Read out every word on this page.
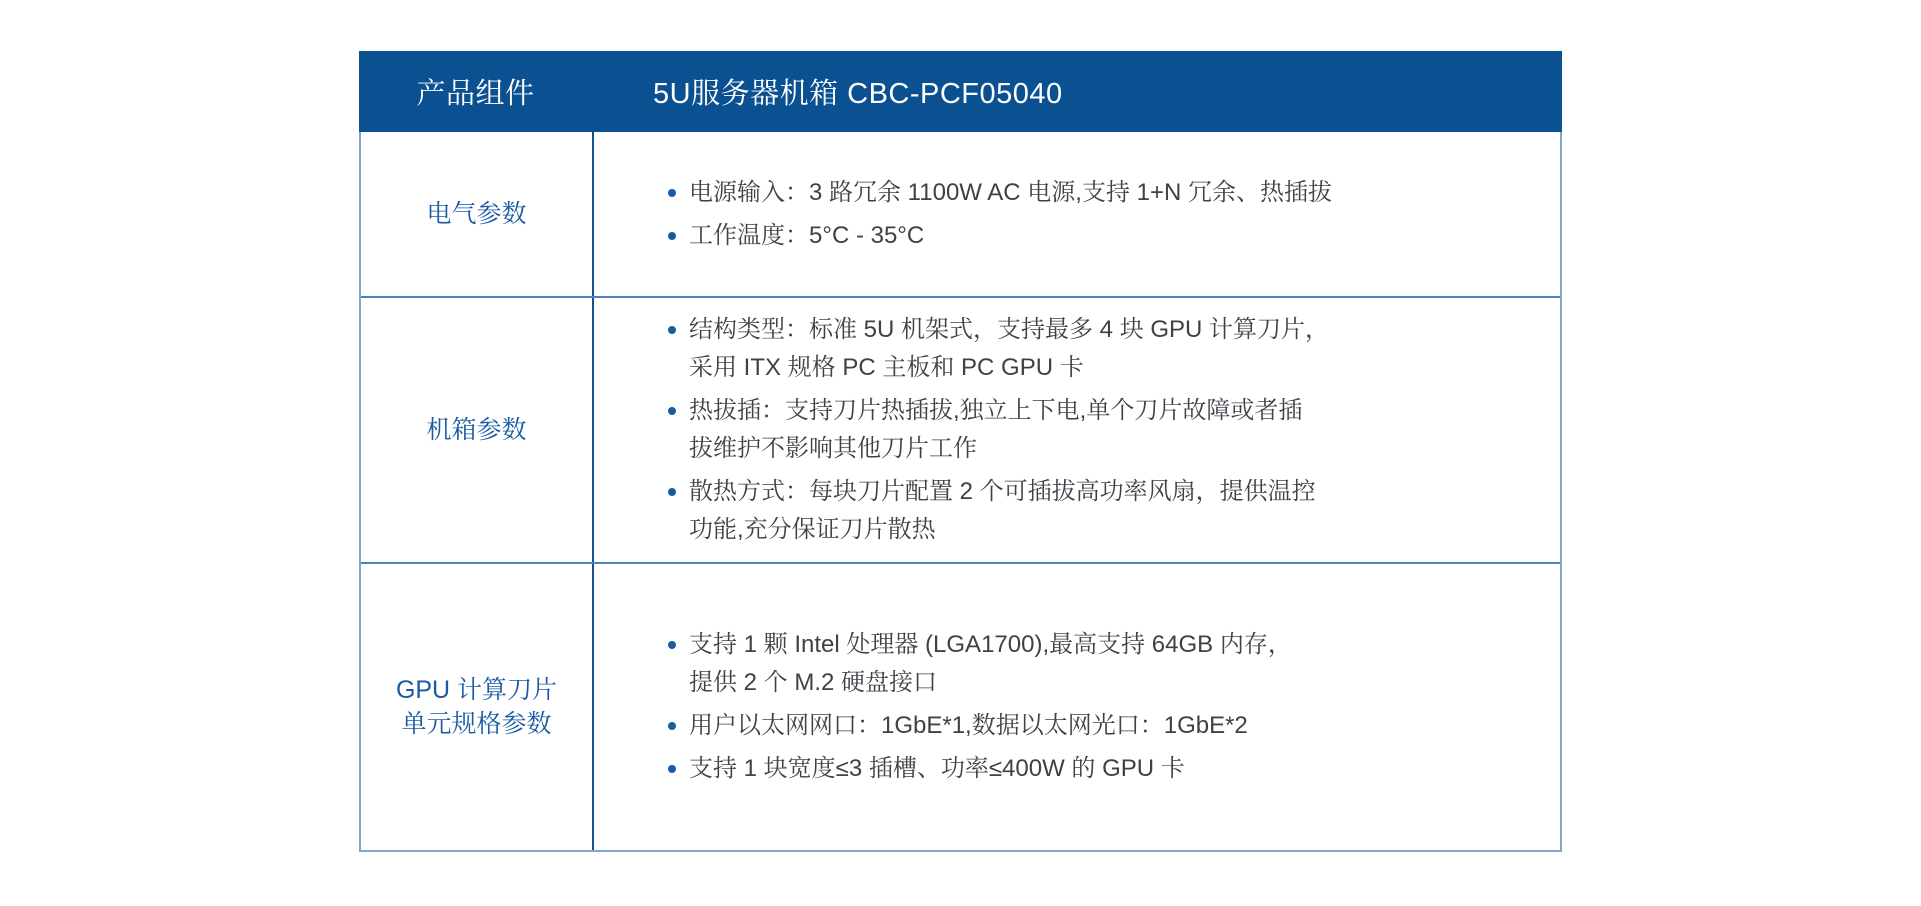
产品组件	5U服务器机箱 CBC-PCF05040
电气参数
电源输入：3 路冗余 1100W AC 电源,支持 1+N 冗余、热插拔
工作温度：5°C - 35°C
机箱参数
结构类型：标准 5U 机架式，支持最多 4 块 GPU 计算刀片，
采用 ITX 规格 PC 主板和 PC GPU 卡
热拔插：支持刀片热插拔,独立上下电,单个刀片故障或者插
拔维护不影响其他刀片工作
散热方式：每块刀片配置 2 个可插拔高功率风扇，提供温控
功能,充分保证刀片散热
GPU 计算刀片
单元规格参数
支持 1 颗 Intel 处理器 (LGA1700),最高支持 64GB 内存，
提供 2 个 M.2 硬盘接口
用户以太网网口：1GbE*1,数据以太网光口：1GbE*2
支持 1 块宽度≤3 插槽、功率≤400W 的 GPU 卡
